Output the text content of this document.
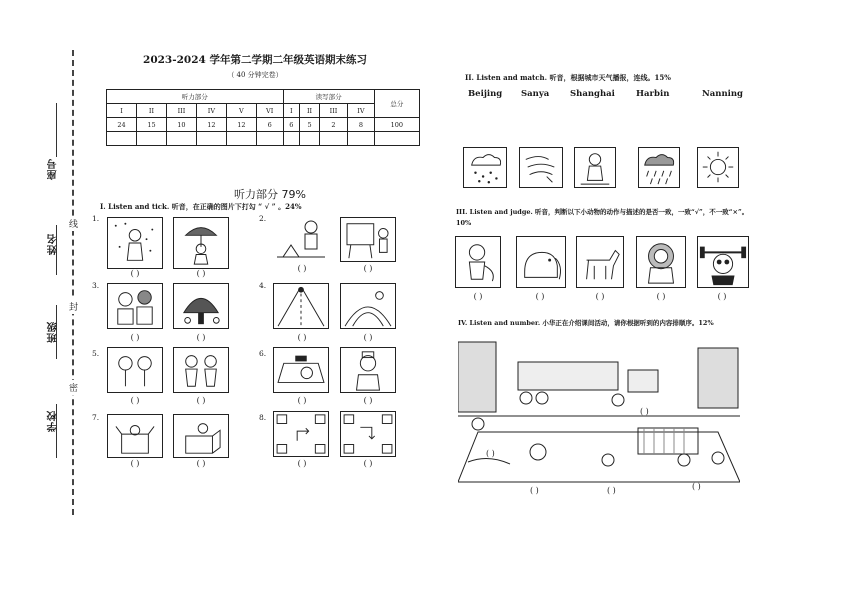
学校
班级
姓名
座号
线
封
密
2023-2024 学年第二学期二年级英语期末练习
（ 40 分钟完卷）
听力部分						读写部分				总分
I	II	III	IV	V	VI	I	II	III	IV	
24	15	10	12	12	6	6	5	2	8	100

听力部分 79%
I. Listen and tick. 听音，在正确的图片下打勾 “ √ ” 。24%
1.
( )	( )
2.
( )	( )
3.
( )	( )
4.
( )	( )
5.
( )	( )
6.
( )	( )
7.
( )	( )
8.
( )	( )
II. Listen and match. 听音，根据城市天气播报，连线。15%
Beijing Sanya Shanghai Harbin	Nanning
III. Listen and judge. 听音，判断以下小动物的动作与描述的是否一致，一致“√”，不一致“×”。
10%
( )	( )	( )	( )	( )
IV. Listen and number. 小华正在介绍课间活动，请你根据听到的内容排顺序。12%
( )
( )	( )
( )
( )
